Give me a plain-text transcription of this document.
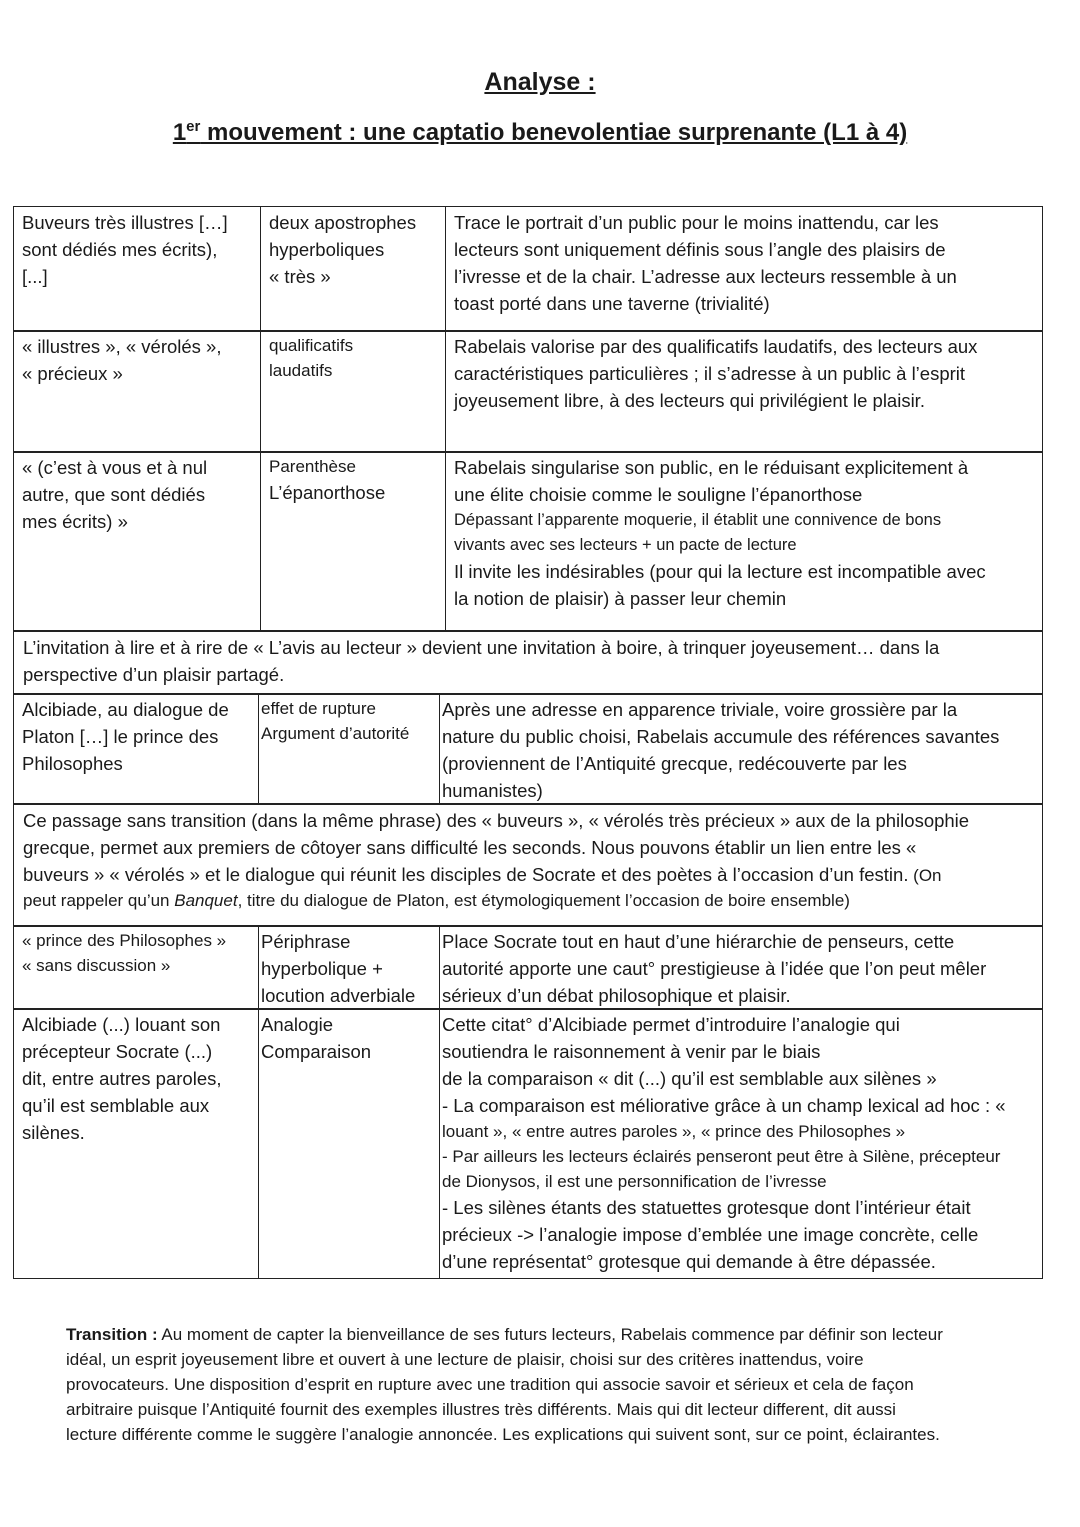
Analyse :
1er mouvement : une captatio benevolentiae surprenante (L1 à 4)
Buveurs très illustres […]
sont dédiés mes écrits),
[...]
deux apostrophes
hyperboliques
« très »
Trace le portrait d’un public pour le moins inattendu, car les
lecteurs sont uniquement définis sous l’angle des plaisirs de
l’ivresse et de la chair. L’adresse aux lecteurs ressemble à un
toast porté dans une taverne (trivialité)
« illustres », « vérolés »,
« précieux »
qualificatifs
laudatifs
Rabelais valorise par des qualificatifs laudatifs, des lecteurs aux
caractéristiques particulières ; il s’adresse à un public à l’esprit
joyeusement libre, à des lecteurs qui privilégient le plaisir.
« (c’est à vous et à nul
autre, que sont dédiés
mes écrits) »
Parenthèse
L’épanorthose
Rabelais singularise son public, en le réduisant explicitement à
une élite choisie comme le souligne l’épanorthose
Dépassant l’apparente moquerie, il établit une connivence de bons
vivants avec ses lecteurs + un pacte de lecture
Il invite les indésirables (pour qui la lecture est incompatible avec
la notion de plaisir) à passer leur chemin
L’invitation à lire et à rire de « L’avis au lecteur » devient une invitation à boire, à trinquer joyeusement… dans la
perspective d’un plaisir partagé.
Alcibiade, au dialogue de
Platon […] le prince des
Philosophes
effet de rupture
Argument d’autorité
Après une adresse en apparence triviale, voire grossière par la
nature du public choisi, Rabelais accumule des références savantes
(proviennent de l’Antiquité grecque, redécouverte par les
humanistes)
Ce passage sans transition (dans la même phrase) des « buveurs », « vérolés très précieux » aux de la philosophie
grecque, permet aux premiers de côtoyer sans difficulté les seconds. Nous pouvons établir un lien entre les «
buveurs » « vérolés » et le dialogue qui réunit les disciples de Socrate et des poètes à l’occasion d’un festin. (On
peut rappeler qu’un Banquet, titre du dialogue de Platon, est étymologiquement l’occasion de boire ensemble)
« prince des Philosophes »
« sans discussion »
Périphrase
hyperbolique +
locution adverbiale
Place Socrate tout en haut d’une hiérarchie de penseurs, cette
autorité apporte une caut° prestigieuse à l’idée que l’on peut mêler
sérieux d’un débat philosophique et plaisir.
Alcibiade (...) louant son
précepteur Socrate (...)
dit, entre autres paroles,
qu’il est semblable aux
silènes.
Analogie
Comparaison
Cette citat° d’Alcibiade permet d’introduire l’analogie qui
soutiendra le raisonnement à venir par le biais
de la comparaison « dit (...) qu’il est semblable aux silènes »
- La comparaison est méliorative grâce à un champ lexical ad hoc : «
louant », « entre autres paroles », « prince des Philosophes »
- Par ailleurs les lecteurs éclairés penseront peut être à Silène, précepteur
de Dionysos, il est une personnification de l’ivresse
- Les silènes étants des statuettes grotesque dont l’intérieur était
précieux -> l’analogie impose d’emblée une image concrète, celle
d’une représentat° grotesque qui demande à être dépassée.
Transition : Au moment de capter la bienveillance de ses futurs lecteurs, Rabelais commence par définir son lecteur
idéal, un esprit joyeusement libre et ouvert à une lecture de plaisir, choisi sur des critères inattendus, voire
provocateurs. Une disposition d’esprit en rupture avec une tradition qui associe savoir et sérieux et cela de façon
arbitraire puisque l’Antiquité fournit des exemples illustres très différents. Mais qui dit lecteur different, dit aussi
lecture différente comme le suggère l’analogie annoncée. Les explications qui suivent sont, sur ce point, éclairantes.
